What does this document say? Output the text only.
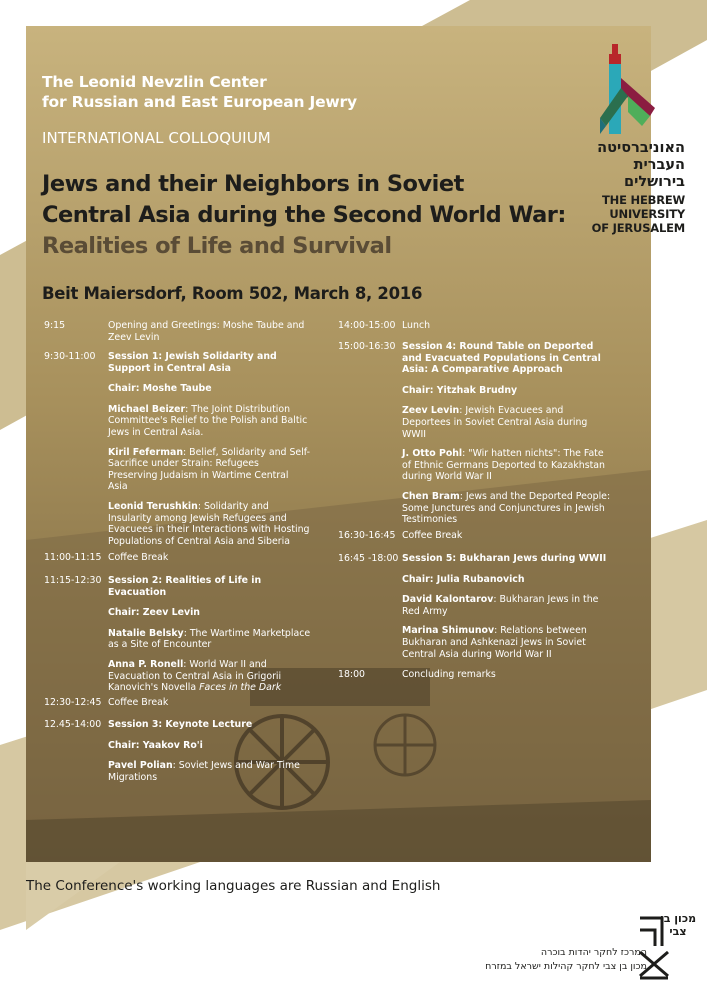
The Leonid Nevzlin Center
for Russian and East European Jewry
INTERNATIONAL COLLOQUIUM
Jews and their Neighbors in Soviet
Central Asia during the Second World War:
Realities of Life and Survival
Beit Maiersdorf, Room 502, March 8, 2016
האוניברסיטה
העברית
בירושלים
THE HEBREW
UNIVERSITY
OF JERUSALEM
9:15	Opening and Greetings: Moshe Taube and Zeev Levin
9:30-11:00	Session 1: Jewish Solidarity and Support in Central Asia
Chair: Moshe Taube
Michael Beizer: The Joint Distribution Committee's Relief to the Polish and Baltic Jews in Central Asia.
Kiril Feferman: Belief, Solidarity and Self-Sacrifice under Strain: Refugees Preserving Judaism in Wartime Central Asia
Leonid Terushkin: Solidarity and Insularity among Jewish Refugees and Evacuees in their Interactions with Hosting Populations of Central Asia and Siberia
11:00-11:15 Coffee Break
11:15-12:30 Session 2: Realities of Life in Evacuation
Chair: Zeev Levin
Natalie Belsky: The Wartime Marketplace as a Site of Encounter
Anna P. Ronell: World War II and Evacuation to Central Asia in Grigorii Kanovich's Novella Faces in the Dark
12:30-12:45 Coffee Break
12.45-14:00 Session 3: Keynote Lecture
Chair: Yaakov Ro'i
Pavel Polian: Soviet Jews and War Time Migrations
14:00-15:00 Lunch
15:00-16:30 Session 4: Round Table on Deported and Evacuated Populations in Central Asia: A Comparative Approach
Chair: Yitzhak Brudny
Zeev Levin: Jewish Evacuees and Deportees in Soviet Central Asia during WWII
J. Otto Pohl: "Wir hatten nichts": The Fate of Ethnic Germans Deported to Kazakhstan during World War II
Chen Bram: Jews and the Deported People: Some Junctures and Conjunctures in Jewish Testimonies
16:30-16:45 Coffee Break
16:45 -18:00 Session 5: Bukharan Jews during WWII
Chair: Julia Rubanovich
David Kalontarov: Bukharan Jews in the Red Army
Marina Shimunov: Relations between Bukharan and Ashkenazi Jews in Soviet Central Asia during World War II
18:00	Concluding remarks
The Conference's working languages are Russian and English
המרכז לחקר יהדות בוכרה
מכון בן צבי לחקר קהילות ישראל במזרח
מכון בן צבי
